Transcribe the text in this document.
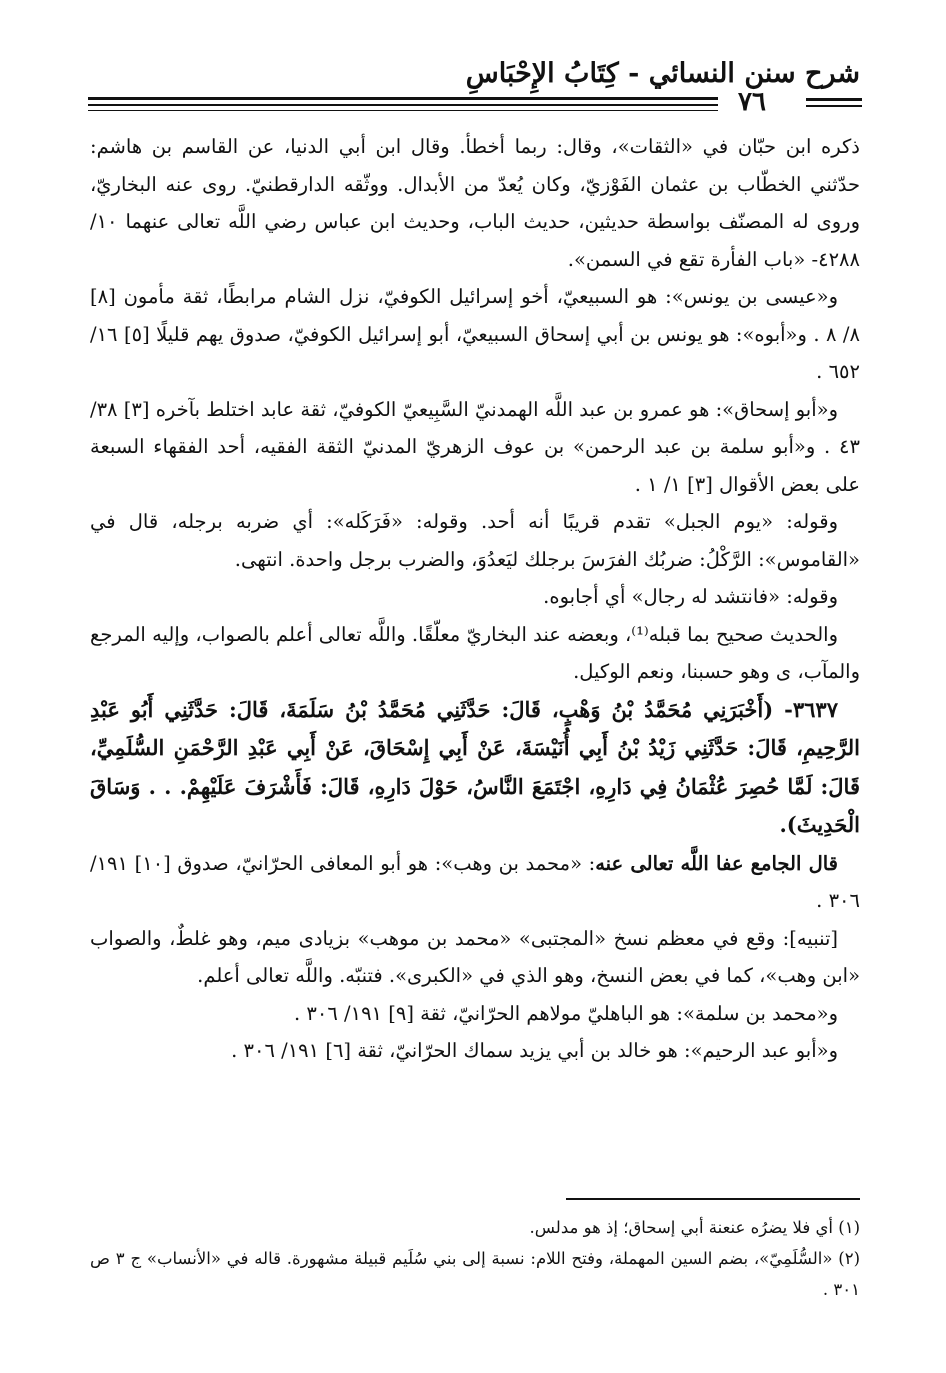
شرح سنن النسائي - كِتَابُ الإِحْبَاسِ
٧٦

ذكره ابن حبّان في «الثقات»، وقال: ربما أخطأ. وقال ابن أبي الدنيا، عن القاسم بن هاشم: حدّثني الخطّاب بن عثمان الفَوْزيّ، وكان يُعدّ من الأبدال. ووثّقه الدارقطنيّ. روى عنه البخاريّ، وروى له المصنّف بواسطة حديثين، حديث الباب، وحديث ابن عباس رضي اللَّه تعالى عنهما ١٠/ ٤٢٨٨- «باب الفأرة تقع في السمن».

و«عيسى بن يونس»: هو السبيعيّ، أخو إسرائيل الكوفيّ، نزل الشام مرابطًا، ثقة مأمون [٨] ٨/ ٨ . و«أبوه»: هو يونس بن أبي إسحاق السبيعيّ، أبو إسرائيل الكوفيّ، صدوق يهم قليلًا [٥] ١٦/ ٦٥٢ .

و«أبو إسحاق»: هو عمرو بن عبد اللَّه الهمدنيّ السَّبِيعيّ الكوفيّ، ثقة عابد اختلط بآخره [٣] ٣٨/ ٤٣ . و«أبو سلمة بن عبد الرحمن» بن عوف الزهريّ المدنيّ الثقة الفقيه، أحد الفقهاء السبعة على بعض الأقوال [٣] ١/ ١ .

وقوله: «يوم الجبل» تقدم قريبًا أنه أحد. وقوله: «فَرَكَله»: أي ضربه برجله، قال في «القاموس»: الرَّكْلُ: ضربُك الفرَسَ برجلك ليَعدُوَ، والضرب برجل واحدة. انتهى.

وقوله: «فانتشد له رجال» أي أجابوه.

والحديث صحيح بما قبله⁽¹⁾، وبعضه عند البخاريّ معلّقًا. واللَّه تعالى أعلم بالصواب، وإليه المرجع والمآب، ى وهو حسبنا، ونعم الوكيل.

٣٦٣٧- (أَخْبَرَنِي مُحَمَّدُ بْنُ وَهْبٍ، قَالَ: حَدَّثَنِي مُحَمَّدُ بْنُ سَلَمَةَ، قَالَ: حَدَّثَنِي أَبُو عَبْدِ الرَّحِيمِ، قَالَ: حَدَّثَنِي زَيْدُ بْنُ أَبِي أُنَيْسَةَ، عَنْ أَبِي إِسْحَاقَ، عَنْ أَبِي عَبْدِ الرَّحْمَنِ السُّلَمِيِّ، قَالَ: لَمَّا حُصِرَ عُثْمَانُ فِي دَارِهِ، اجْتَمَعَ النَّاسُ، حَوْلَ دَارِهِ، قَالَ: فَأَشْرَفَ عَلَيْهِمْ. . . وَسَاقَ الْحَدِيثَ).

قال الجامع عفا اللَّه تعالى عنه: «محمد بن وهب»: هو أبو المعافى الحرّانيّ، صدوق [١٠] ١٩١/ ٣٠٦ .

[تنبيه]: وقع في معظم نسخ «المجتبى» «محمد بن موهب» بزيادى ميم، وهو غلطٌ، والصواب «ابن وهب»، كما في بعض النسخ، وهو الذي في «الكبرى». فتنبّه. واللَّه تعالى أعلم.

و«محمد بن سلمة»: هو الباهليّ مولاهم الحرّانيّ، ثقة [٩] ١٩١/ ٣٠٦ .

و«أبو عبد الرحيم»: هو خالد بن أبي يزيد سماك الحرّانيّ، ثقة [٦] ١٩١/ ٣٠٦ .

(١) أي فلا يضرُه عنعنة أبي إسحاق؛ إذ هو مدلس.

(٢) «السُّلَمِيّ»، بضم السين المهملة، وفتح اللام: نسبة إلى بني سُلَيم قبيلة مشهورة. قاله في «الأنساب» ج ٣ ص ٣٠١ .
